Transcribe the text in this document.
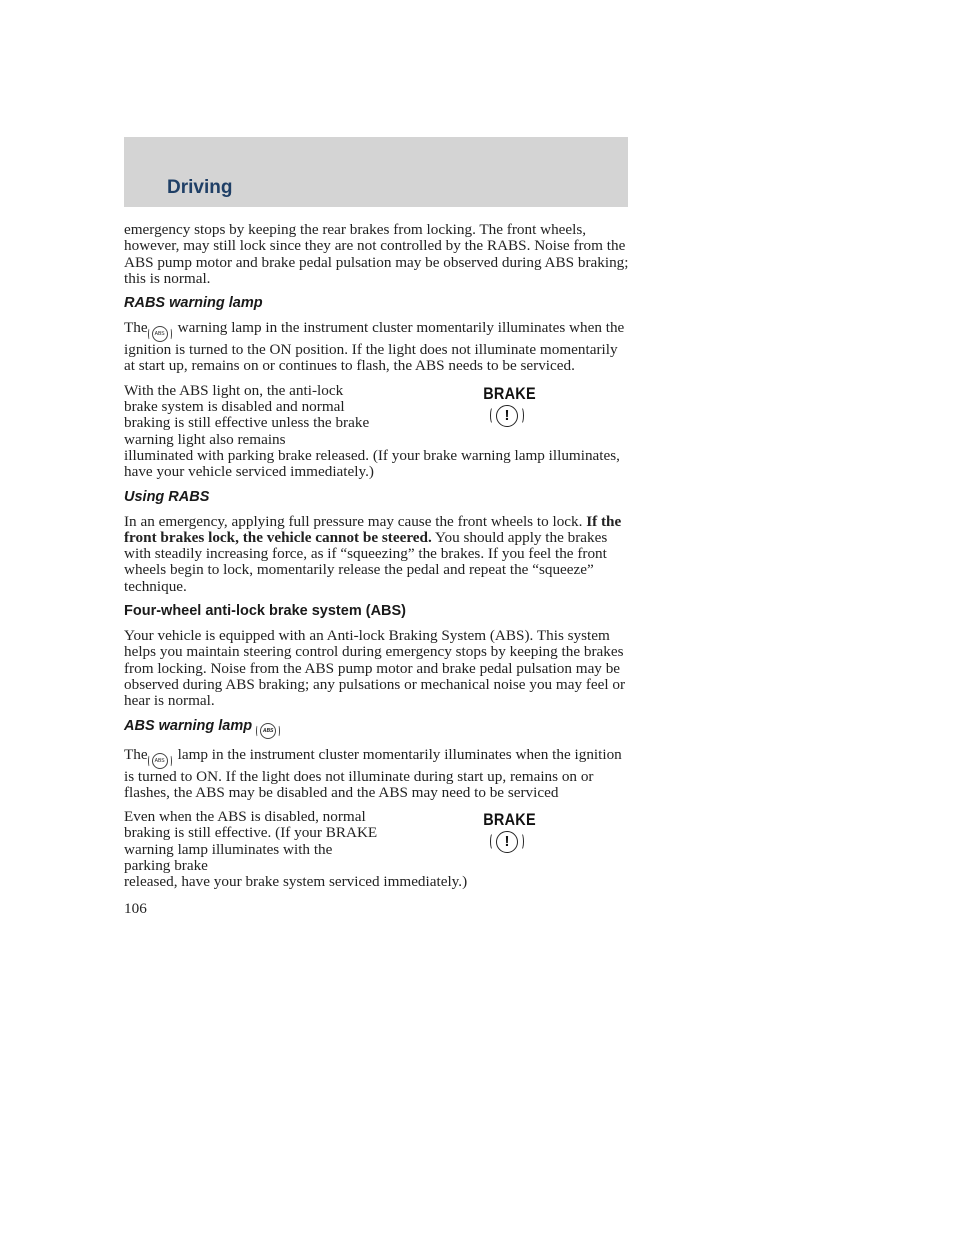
Driving

emergency stops by keeping the rear brakes from locking. The front wheels, however, may still lock since they are not controlled by the RABS. Noise from the ABS pump motor and brake pedal pulsation may be observed during ABS braking; this is normal.

RABS warning lamp

The ABS warning lamp in the instrument cluster momentarily illuminates when the ignition is turned to the ON position. If the light does not illuminate momentarily at start up, remains on or continues to flash, the ABS needs to be serviced.

With the ABS light on, the anti-lock brake system is disabled and normal braking is still effective unless the brake warning light also remains

illuminated with parking brake released. (If your brake warning lamp illuminates, have your vehicle serviced immediately.)

BRAKE
!
Using RABS

In an emergency, applying full pressure may cause the front wheels to lock. If the front brakes lock, the vehicle cannot be steered. You should apply the brakes with steadily increasing force, as if “squeezing” the brakes. If you feel the front wheels begin to lock, momentarily release the pedal and repeat the “squeeze” technique.

Four-wheel anti-lock brake system (ABS)

Your vehicle is equipped with an Anti-lock Braking System (ABS). This system helps you maintain steering control during emergency stops by keeping the brakes from locking. Noise from the ABS pump motor and brake pedal pulsation may be observed during ABS braking; any pulsations or mechanical noise you may feel or hear is normal.

ABS warning lamp ABS

The ABS lamp in the instrument cluster momentarily illuminates when the ignition is turned to ON. If the light does not illuminate during start up, remains on or flashes, the ABS may be disabled and the ABS may need to be serviced

Even when the ABS is disabled, normal braking is still effective. (If your BRAKE warning lamp illuminates with the parking brake

released, have your brake system serviced immediately.)

BRAKE
!

106
